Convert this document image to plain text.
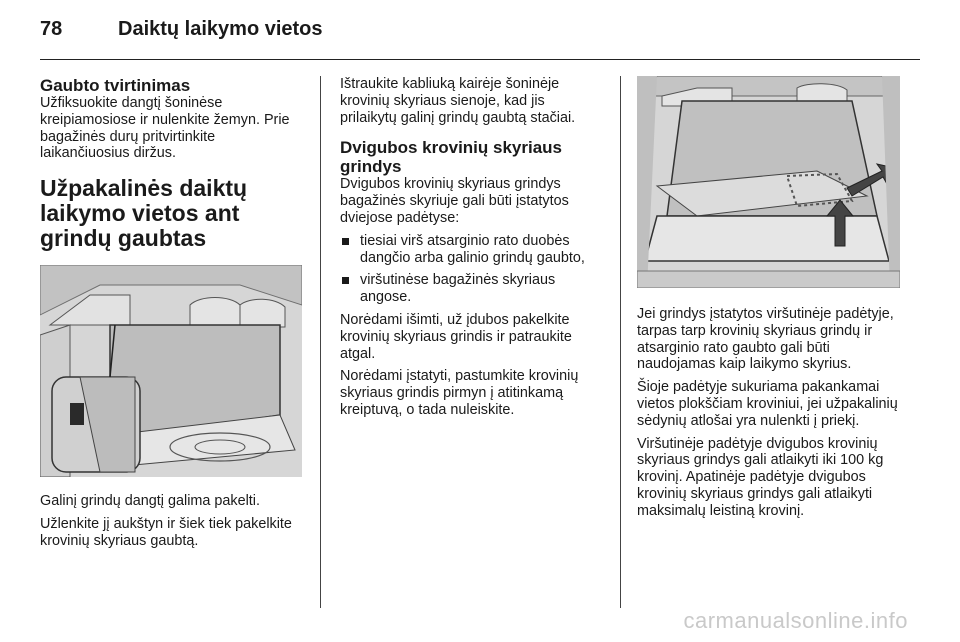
78	Daiktų laikymo vietos
Gaubto tvirtinimas
Užfiksuokite dangtį šoninėse kreipiamosiose ir nulenkite žemyn. Prie bagažinės durų pritvirtinkite laikančiuosius diržus.
Užpakalinės daiktų laikymo vietos ant grindų gaubtas
Galinį grindų dangtį galima pakelti.
Užlenkite jį aukštyn ir šiek tiek pakelkite krovinių skyriaus gaubtą.
Ištraukite kabliuką kairėje šoninėje krovinių skyriaus sienoje, kad jis prilaikytų galinį grindų gaubtą stačiai.
Dvigubos krovinių skyriaus grindys
Dvigubos krovinių skyriaus grindys bagažinės skyriuje gali būti įstatytos dviejose padėtyse:
tiesiai virš atsarginio rato duobės dangčio arba galinio grindų gaubto,
viršutinėse bagažinės skyriaus angose.
Norėdami išimti, už įdubos pakelkite krovinių skyriaus grindis ir patraukite atgal.
Norėdami įstatyti, pastumkite krovinių skyriaus grindis pirmyn į atitinkamą kreiptuvą, o tada nuleiskite.
Jei grindys įstatytos viršutinėje padėtyje, tarpas tarp krovinių skyriaus grindų ir atsarginio rato gaubto gali būti naudojamas kaip laikymo skyrius.
Šioje padėtyje sukuriama pakankamai vietos plokščiam kroviniui, jei užpakalinių sėdynių atlošai yra nulenkti į priekį.
Viršutinėje padėtyje dvigubos krovinių skyriaus grindys gali atlaikyti iki 100 kg krovinį. Apatinėje padėtyje dvigubos krovinių skyriaus grindys gali atlaikyti maksimalų leistiną krovinį.
carmanualsonline.info
